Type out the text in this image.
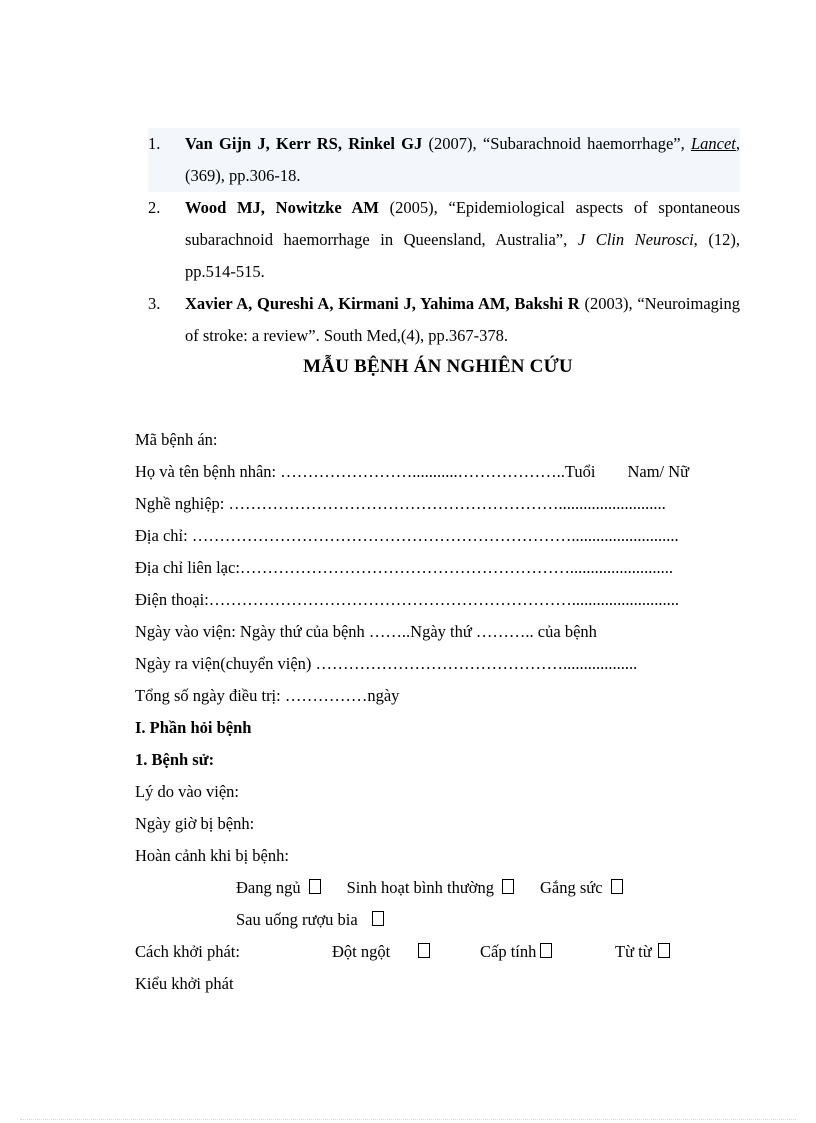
1. Van Gijn J, Kerr RS, Rinkel GJ (2007), “Subarachnoid haemorrhage”, Lancet, (369), pp.306-18.
2. Wood MJ, Nowitzke AM (2005), “Epidemiological aspects of spontaneous subarachnoid haemorrhage in Queensland, Australia”, J Clin Neurosci, (12), pp.514-515.
3. Xavier A, Qureshi A, Kirmani J, Yahima AM, Bakshi R (2003), “Neuroimaging of stroke: a review”. South Med,(4), pp.367-378.
MẪU BỆNH ÁN NGHIÊN CỨU
Mã bệnh án:
Họ và tên bệnh nhân: ……………………...........………………..Tuổi Nam/ Nữ
Nghề nghiệp: ……………………………………………………..........................
Địa chỉ: ……………………………………………………………..........................
Địa chỉ liên lạc:…………………………………………………….........................
Điện thoại:…………………………………………………………..........................
Ngày vào viện: Ngày thứ của bệnh ……..Ngày thứ ……….. của bệnh
Ngày ra viện(chuyển viện) ………………………………………..................
Tổng số ngày điều trị: ……………ngày
I. Phần hỏi bệnh
1. Bệnh sử:
Lý do vào viện:
Ngày giờ bị bệnh:
Hoàn cảnh khi bị bệnh:
Đang ngủ	Sinh hoạt bình thường	Gắng sức
Sau uống rượu bia
Cách khởi phát:	Đột ngột	Cấp tính	Từ từ
Kiểu khởi phát
